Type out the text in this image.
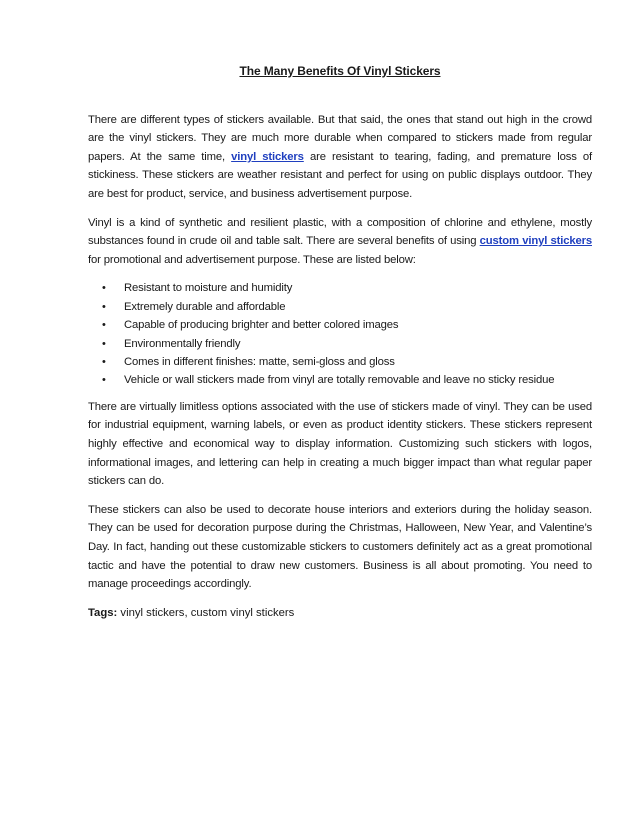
The Many Benefits Of Vinyl Stickers

There are different types of stickers available. But that said, the ones that stand out high in the crowd are the vinyl stickers. They are much more durable when compared to stickers made from regular papers. At the same time, vinyl stickers are resistant to tearing, fading, and premature loss of stickiness. These stickers are weather resistant and perfect for using on public displays outdoor. They are best for product, service, and business advertisement purpose.

Vinyl is a kind of synthetic and resilient plastic, with a composition of chlorine and ethylene, mostly substances found in crude oil and table salt. There are several benefits of using custom vinyl stickers for promotional and advertisement purpose. These are listed below:

• Resistant to moisture and humidity
• Extremely durable and affordable
• Capable of producing brighter and better colored images
• Environmentally friendly
• Comes in different finishes: matte, semi-gloss and gloss
• Vehicle or wall stickers made from vinyl are totally removable and leave no sticky residue

There are virtually limitless options associated with the use of stickers made of vinyl. They can be used for industrial equipment, warning labels, or even as product identity stickers. These stickers represent highly effective and economical way to display information. Customizing such stickers with logos, informational images, and lettering can help in creating a much bigger impact than what regular paper stickers can do.

These stickers can also be used to decorate house interiors and exteriors during the holiday season. They can be used for decoration purpose during the Christmas, Halloween, New Year, and Valentine’s Day. In fact, handing out these customizable stickers to customers definitely act as a great promotional tactic and have the potential to draw new customers. Business is all about promoting. You need to manage proceedings accordingly.

Tags: vinyl stickers, custom vinyl stickers
